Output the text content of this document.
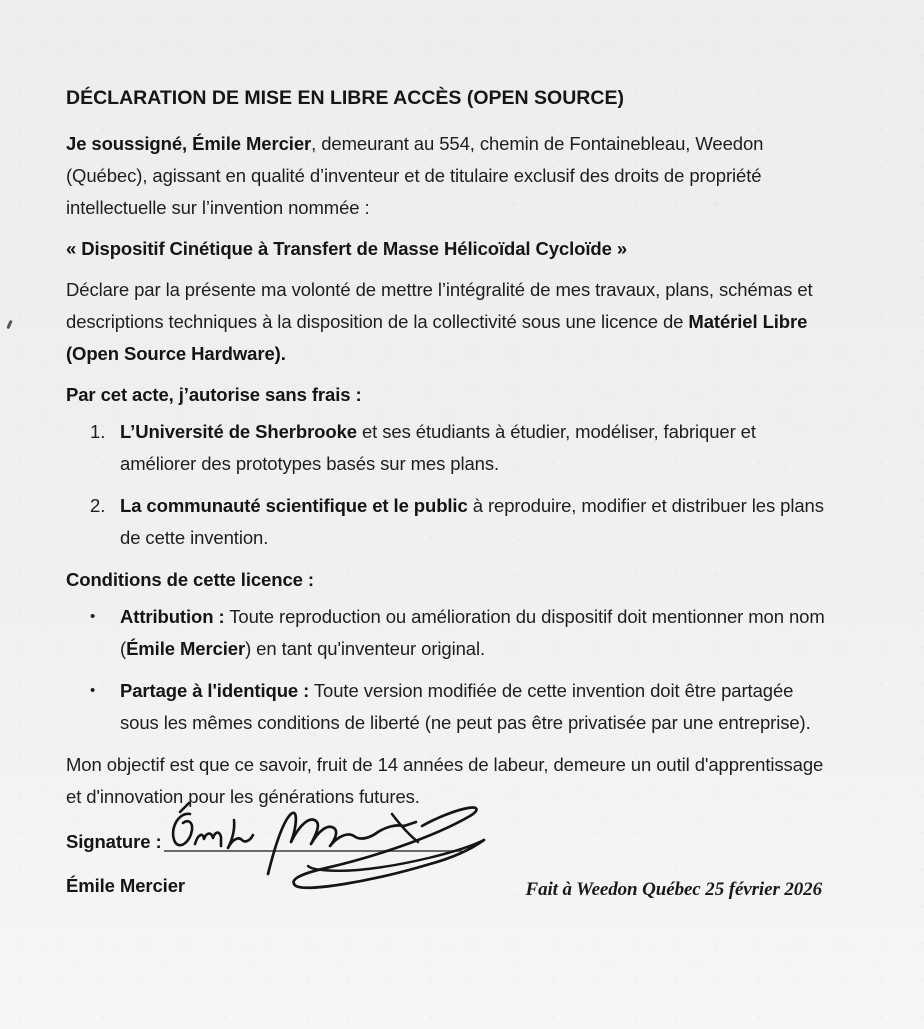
DÉCLARATION DE MISE EN LIBRE ACCÈS (OPEN SOURCE)

Je soussigné, Émile Mercier, demeurant au 554, chemin de Fontainebleau, Weedon (Québec), agissant en qualité d’inventeur et de titulaire exclusif des droits de propriété intellectuelle sur l’invention nommée :

« Dispositif Cinétique à Transfert de Masse Hélicoïdal Cycloïde »

Déclare par la présente ma volonté de mettre l’intégralité de mes travaux, plans, schémas et descriptions techniques à la disposition de la collectivité sous une licence de Matériel Libre (Open Source Hardware).

Par cet acte, j’autorise sans frais :

1. L’Université de Sherbrooke et ses étudiants à étudier, modéliser, fabriquer et améliorer des prototypes basés sur mes plans.
2. La communauté scientifique et le public à reproduire, modifier et distribuer les plans de cette invention.

Conditions de cette licence :

•	Attribution : Toute reproduction ou amélioration du dispositif doit mentionner mon nom (Émile Mercier) en tant qu'inventeur original.
•	Partage à l'identique : Toute version modifiée de cette invention doit être partagée sous les mêmes conditions de liberté (ne peut pas être privatisée par une entreprise).

Mon objectif est que ce savoir, fruit de 14 années de labeur, demeure un outil d'apprentissage et d'innovation pour les générations futures.

Signature :
Émile Mercier	Fait à Weedon Québec 25 février 2026
